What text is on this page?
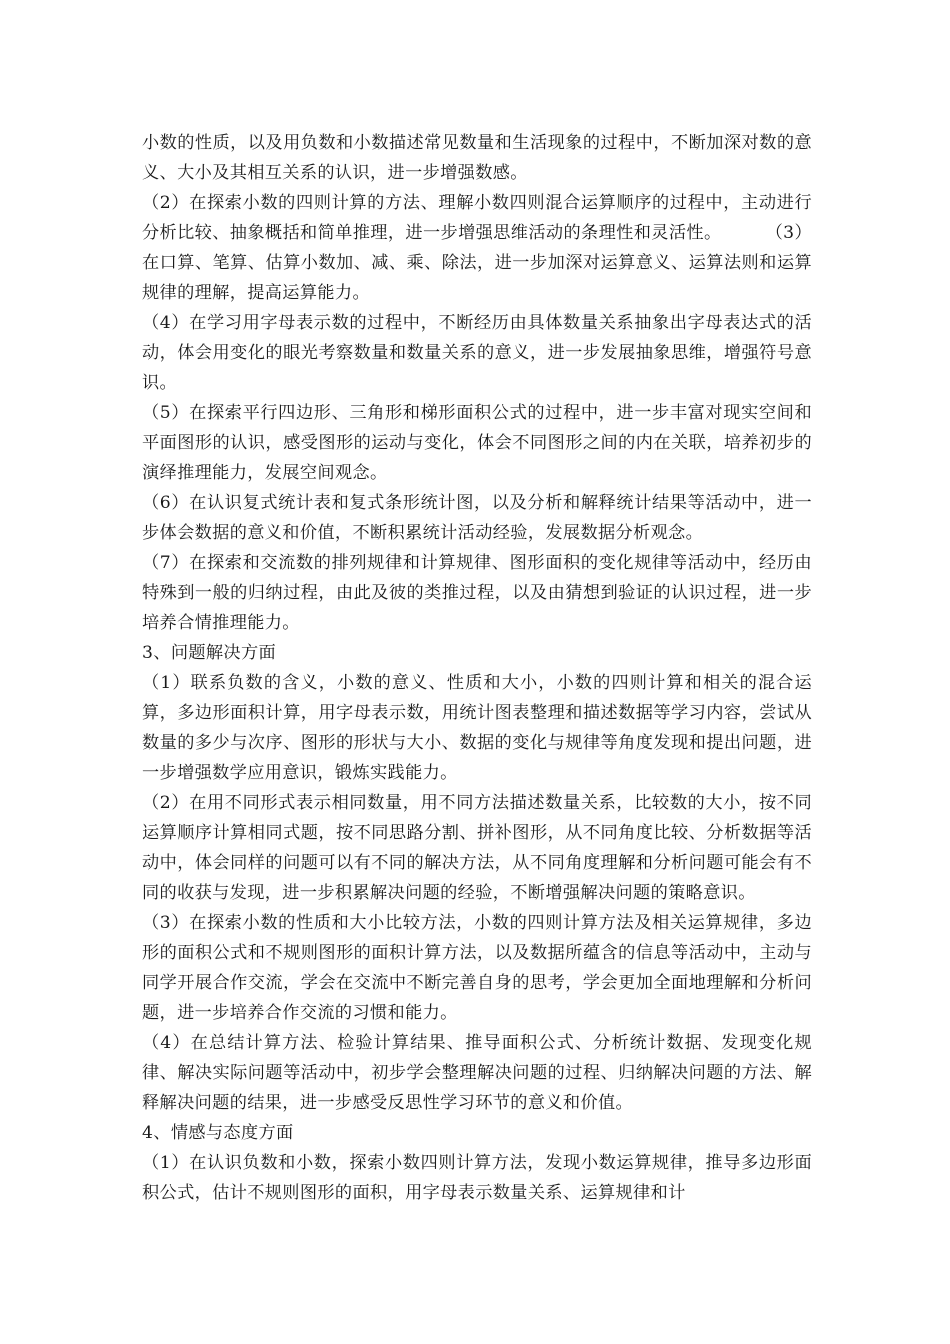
小数的性质，以及用负数和小数描述常见数量和生活现象的过程中，不断加深对数的意义、大小及其相互关系的认识，进一步增强数感。

（2）在探索小数的四则计算的方法、理解小数四则混合运算顺序的过程中，主动进行分析比较、抽象概括和简单推理，进一步增强思维活动的条理性和灵活性。	（3）在口算、笔算、估算小数加、减、乘、除法，进一步加深对运算意义、运算法则和运算规律的理解，提高运算能力。

（4）在学习用字母表示数的过程中，不断经历由具体数量关系抽象出字母表达式的活动，体会用变化的眼光考察数量和数量关系的意义，进一步发展抽象思维，增强符号意识。

（5）在探索平行四边形、三角形和梯形面积公式的过程中，进一步丰富对现实空间和平面图形的认识，感受图形的运动与变化，体会不同图形之间的内在关联，培养初步的演绎推理能力，发展空间观念。

（6）在认识复式统计表和复式条形统计图，以及分析和解释统计结果等活动中，进一步体会数据的意义和价值，不断积累统计活动经验，发展数据分析观念。

（7）在探索和交流数的排列规律和计算规律、图形面积的变化规律等活动中，经历由特殊到一般的归纳过程，由此及彼的类推过程，以及由猜想到验证的认识过程，进一步培养合情推理能力。

3、问题解决方面

（1）联系负数的含义，小数的意义、性质和大小，小数的四则计算和相关的混合运算，多边形面积计算，用字母表示数，用统计图表整理和描述数据等学习内容，尝试从数量的多少与次序、图形的形状与大小、数据的变化与规律等角度发现和提出问题，进一步增强数学应用意识，锻炼实践能力。

（2）在用不同形式表示相同数量，用不同方法描述数量关系，比较数的大小，按不同运算顺序计算相同式题，按不同思路分割、拼补图形，从不同角度比较、分析数据等活动中，体会同样的问题可以有不同的解决方法，从不同角度理解和分析问题可能会有不同的收获与发现，进一步积累解决问题的经验，不断增强解决问题的策略意识。

（3）在探索小数的性质和大小比较方法，小数的四则计算方法及相关运算规律，多边形的面积公式和不规则图形的面积计算方法，以及数据所蕴含的信息等活动中，主动与同学开展合作交流，学会在交流中不断完善自身的思考，学会更加全面地理解和分析问题，进一步培养合作交流的习惯和能力。

（4）在总结计算方法、检验计算结果、推导面积公式、分析统计数据、发现变化规律、解决实际问题等活动中，初步学会整理解决问题的过程、归纳解决问题的方法、解释解决问题的结果，进一步感受反思性学习环节的意义和价值。

4、情感与态度方面

（1）在认识负数和小数，探索小数四则计算方法，发现小数运算规律，推导多边形面积公式，估计不规则图形的面积，用字母表示数量关系、运算规律和计
